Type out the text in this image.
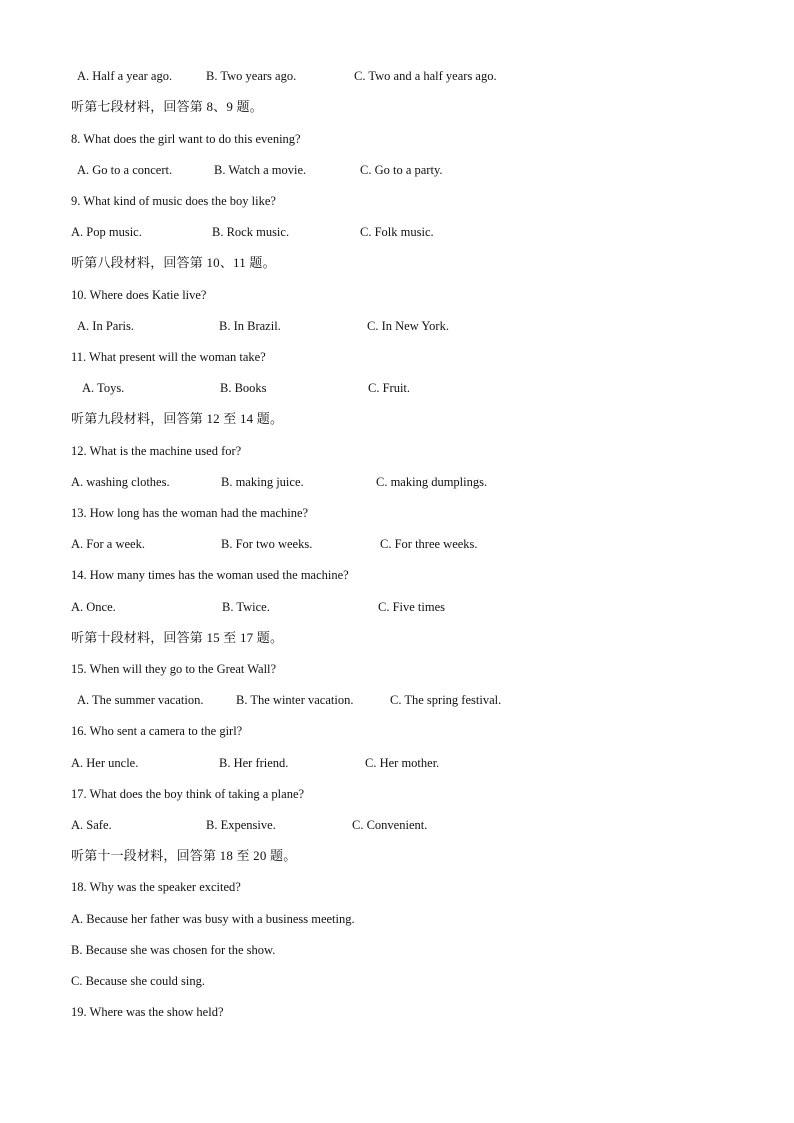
A. Half a year ago.	B. Two years ago.	C. Two and a half years ago.
听第七段材料，回答第 8、9 题。
8. What does the girl want to do this evening?
A. Go to a concert.	B. Watch a movie.	C. Go to a party.
9. What kind of music does the boy like?
A. Pop music.	B. Rock music.	C. Folk music.
听第八段材料，回答第 10、11 题。
10. Where does Katie live?
A. In Paris.	B. In Brazil.	C. In New York.
11. What present will the woman take?
A. Toys.	B. Books	C. Fruit.
听第九段材料，回答第 12 至 14 题。
12. What is the machine used for?
A. washing clothes.	B. making juice.	C. making dumplings.
13. How long has the woman had the machine?
A. For a week.	B. For two weeks.	C. For three weeks.
14. How many times has the woman used the machine?
A. Once.	B. Twice.	C. Five times
听第十段材料，回答第 15 至 17 题。
15. When will they go to the Great Wall?
A. The summer vacation.	B. The winter vacation.	C. The spring festival.
16. Who sent a camera to the girl?
A. Her uncle.	B. Her friend.	C. Her mother.
17. What does the boy think of taking a plane?
A. Safe.	B. Expensive.	C. Convenient.
听第十一段材料，回答第 18 至 20 题。
18. Why was the speaker excited?
A. Because her father was busy with a business meeting.
B. Because she was chosen for the show.
C. Because she could sing.
19. Where was the show held?
